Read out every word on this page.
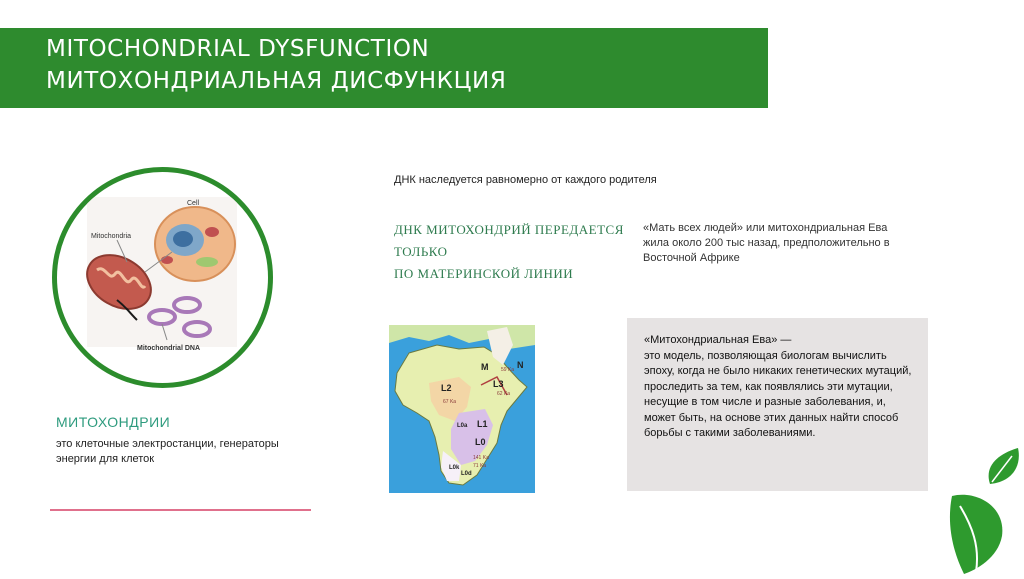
MITOCHONDRIAL DYSFUNCTION
МИТОХОНДРИАЛЬНАЯ ДИСФУНКЦИЯ
Cell
Mitochondria
Mitochondrial DNA
МИТОХОНДРИИ
это клеточные электростанции, генераторы энергии для клеток
ДНК наследуется равномерно от каждого родителя
ДНК МИТОХОНДРИЙ ПЕРЕДАЕТСЯ
ТОЛЬКО
ПО МАТЕРИНСКОЙ ЛИНИИ
«Мать всех людей» или митохондриальная Ева жила около 200 тыс назад, предположительно в Восточной Африке
L2
M	N
L3
L1
L0
L0k
L0d
L0a
67 Ka
59 Ka
62 Ka
141 Ka
71 Ka
«Митохондриальная Ева» —
это модель, позволяющая биологам вычислить эпоху, когда не было никаких генетических мутаций, проследить за тем, как появлялись эти мутации, несущие в том числе и разные заболевания, и, может быть, на основе этих данных найти способ борьбы с такими заболеваниями.
